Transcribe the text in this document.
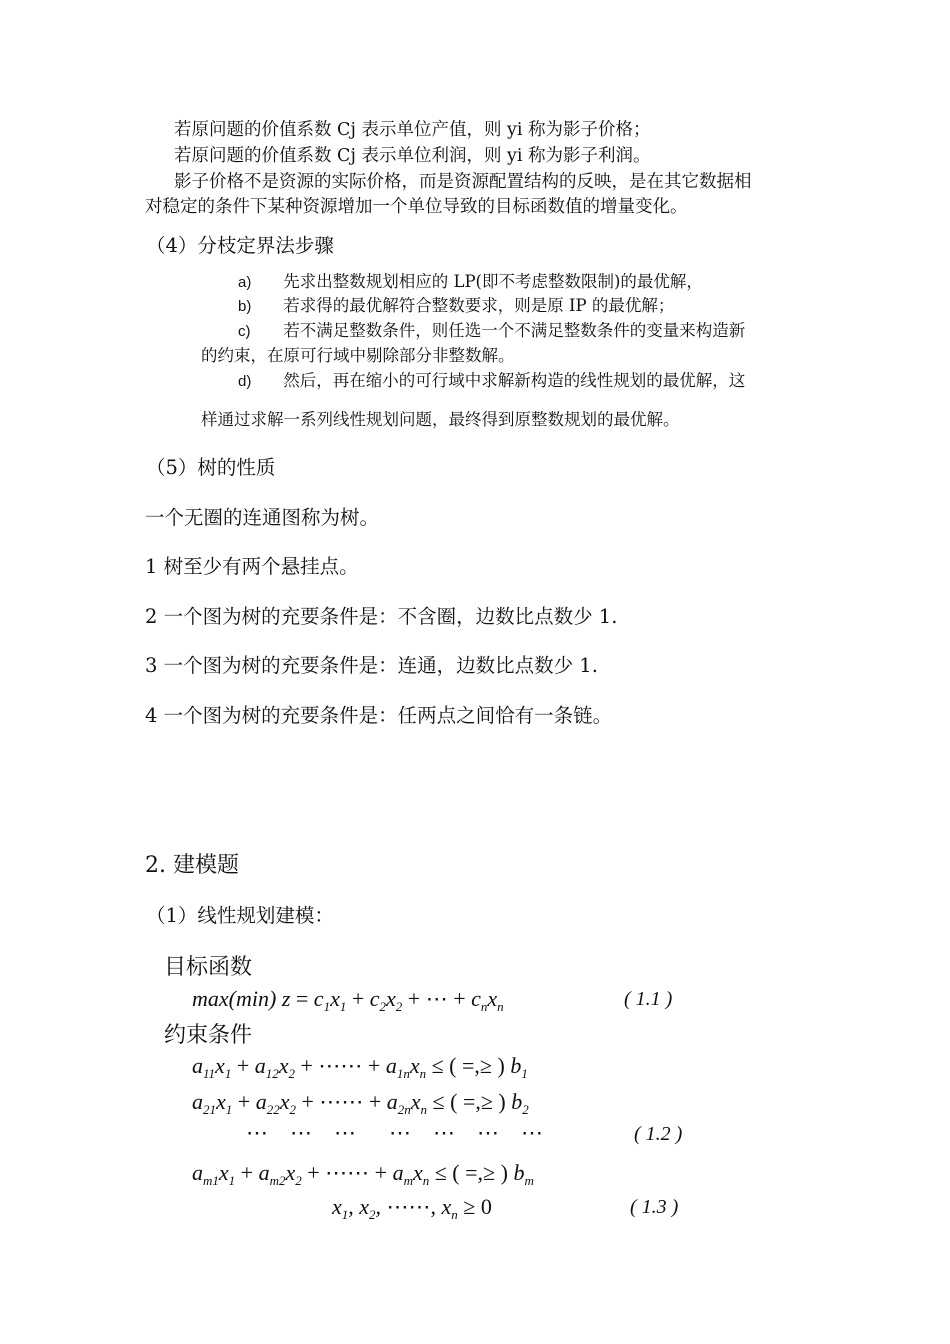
若原问题的价值系数 Cj 表示单位产值，则 yi 称为影子价格；
若原问题的价值系数 Cj 表示单位利润，则 yi 称为影子利润。
影子价格不是资源的实际价格，而是资源配置结构的反映，是在其它数据相
对稳定的条件下某种资源增加一个单位导致的目标函数值的增量变化。
（4）分枝定界法步骤
a) 先求出整数规划相应的 LP(即不考虑整数限制)的最优解，
b) 若求得的最优解符合整数要求，则是原 IP 的最优解；
c) 若不满足整数条件，则任选一个不满足整数条件的变量来构造新
的约束，在原可行域中剔除部分非整数解。
d) 然后，再在缩小的可行域中求解新构造的线性规划的最优解，这
样通过求解一系列线性规划问题，最终得到原整数规划的最优解。
（5）树的性质
一个无圈的连通图称为树。
1 树至少有两个悬挂点。
2 一个图为树的充要条件是：不含圈，边数比点数少 1.
3 一个图为树的充要条件是：连通，边数比点数少 1.
4 一个图为树的充要条件是：任两点之间恰有一条链。
2. 建模题
（1）线性规划建模：
目标函数
max(min) $z = c_1x_1 + c_2x_2$ + ⋯ + $c_nx_n$	( 1.1 )
约束条件
$a_{11}x_1 + a_{12}x_2$ + ⋯⋯ + $a_{1n}x_n$ ≤ ( =,≥ ) $b_1$
$a_{21}x_1 + a_{22}x_2$ + ⋯⋯ + $a_{2n}x_n$ ≤ ( =,≥ ) $b_2$
⋯    ⋯    ⋯      ⋯    ⋯    ⋯    ⋯	( 1.2 )
$a_{m1}x_1 + a_{m2}x_2$ + ⋯⋯ + $a_mx_n$ ≤ ( =,≥ ) $b_m$
$x_1$, $x_2$, ⋯⋯, $x_n \ge 0$	( 1.3 )
